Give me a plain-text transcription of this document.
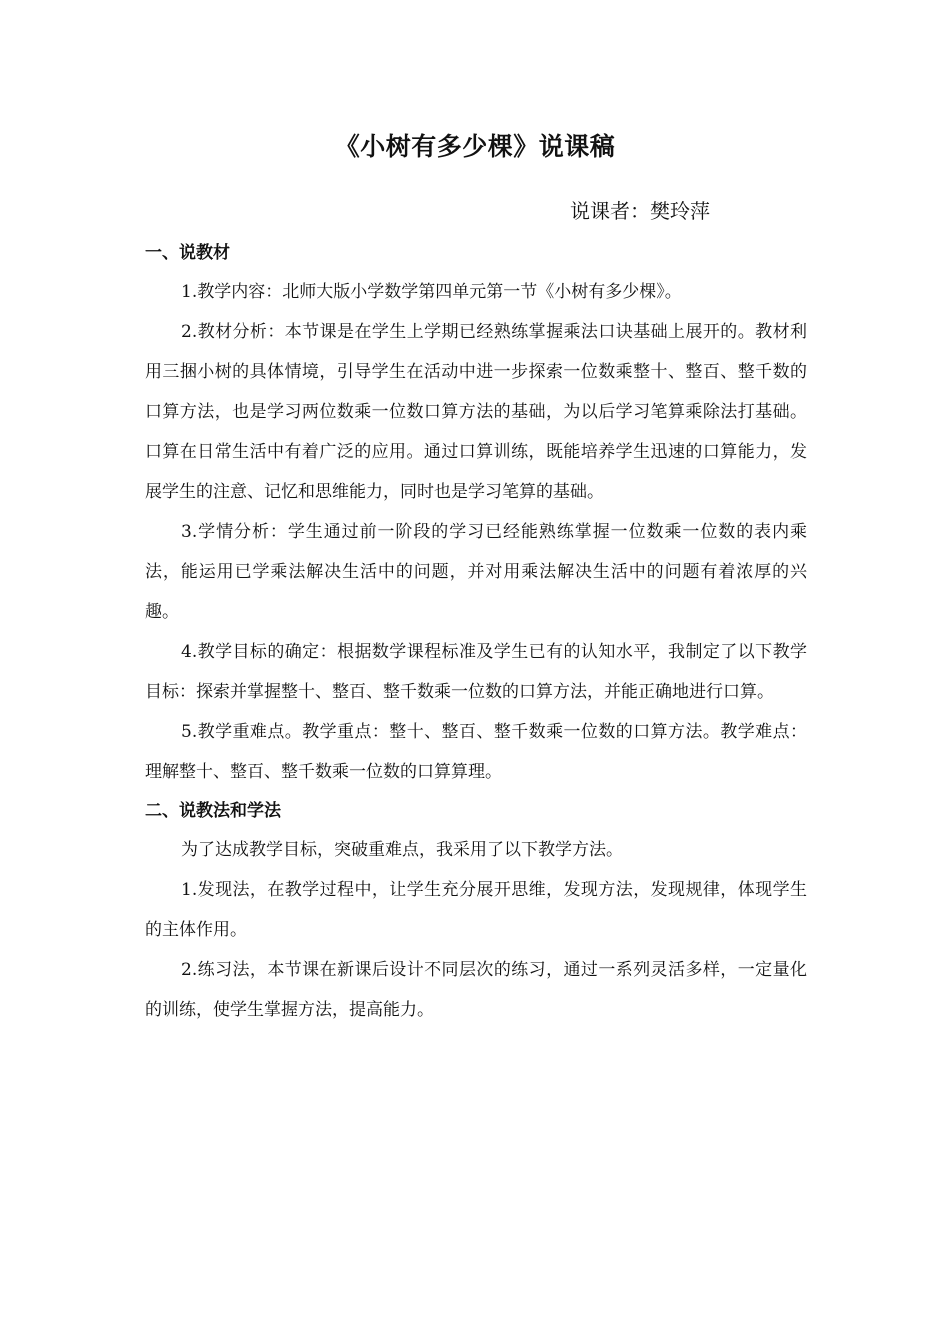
《小树有多少棵》说课稿
说课者：樊玲萍

一、说教材

1.教学内容：北师大版小学数学第四单元第一节《小树有多少棵》。

2.教材分析：本节课是在学生上学期已经熟练掌握乘法口诀基础上展开的。教材利用三捆小树的具体情境，引导学生在活动中进一步探索一位数乘整十、整百、整千数的口算方法，也是学习两位数乘一位数口算方法的基础，为以后学习笔算乘除法打基础。口算在日常生活中有着广泛的应用。通过口算训练，既能培养学生迅速的口算能力，发展学生的注意、记忆和思维能力，同时也是学习笔算的基础。

3.学情分析：学生通过前一阶段的学习已经能熟练掌握一位数乘一位数的表内乘法，能运用已学乘法解决生活中的问题，并对用乘法解决生活中的问题有着浓厚的兴趣。

4.教学目标的确定：根据数学课程标准及学生已有的认知水平，我制定了以下教学目标：探索并掌握整十、整百、整千数乘一位数的口算方法，并能正确地进行口算。

5.教学重难点。教学重点：整十、整百、整千数乘一位数的口算方法。教学难点：理解整十、整百、整千数乘一位数的口算算理。

二、说教法和学法

为了达成教学目标，突破重难点，我采用了以下教学方法。

1.发现法，在教学过程中，让学生充分展开思维，发现方法，发现规律，体现学生的主体作用。

2.练习法，本节课在新课后设计不同层次的练习，通过一系列灵活多样，一定量化的训练，使学生掌握方法，提高能力。
